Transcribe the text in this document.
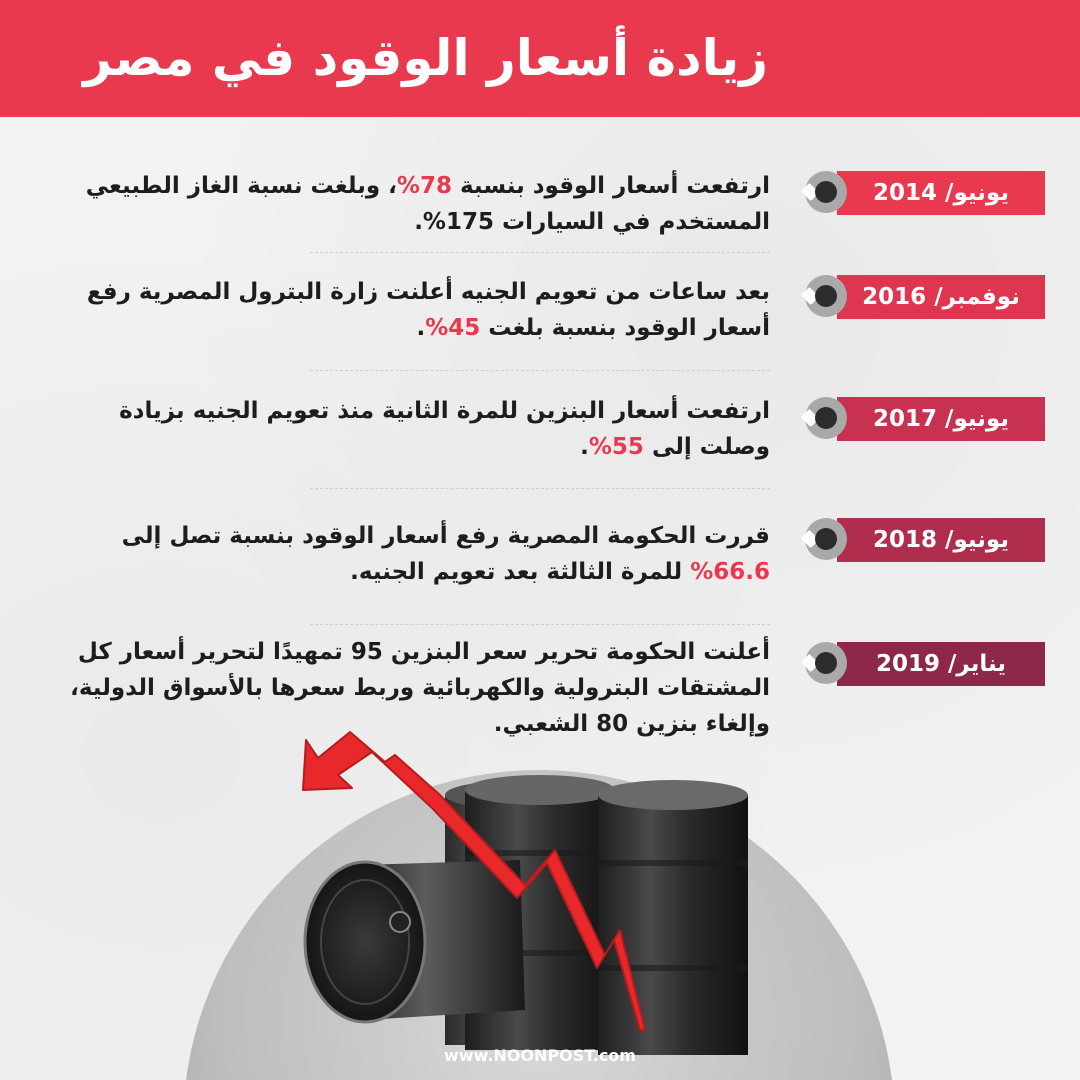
زيادة أسعار الوقود في مصر
يونيو/ 2014
ارتفعت أسعار الوقود بنسبة 78%، وبلغت نسبة الغاز الطبيعي المستخدم في السيارات 175%.
نوفمبر/ 2016
بعد ساعات من تعويم الجنيه أعلنت زارة البترول المصرية رفع أسعار الوقود بنسبة بلغت 45%.
يونيو/ 2017
ارتفعت أسعار البنزين للمرة الثانية منذ تعويم الجنيه بزيادة وصلت إلى 55%.
يونيو/ 2018
قررت الحكومة المصرية رفع أسعار الوقود بنسبة تصل إلى 66.6% للمرة الثالثة بعد تعويم الجنيه.
يناير/ 2019
أعلنت الحكومة تحرير سعر البنزين 95 تمهيدًا لتحرير أسعار كل المشتقات البترولية والكهربائية وربط سعرها بالأسواق الدولية، وإلغاء بنزين 80 الشعبي.
www.NOONPOST.com
